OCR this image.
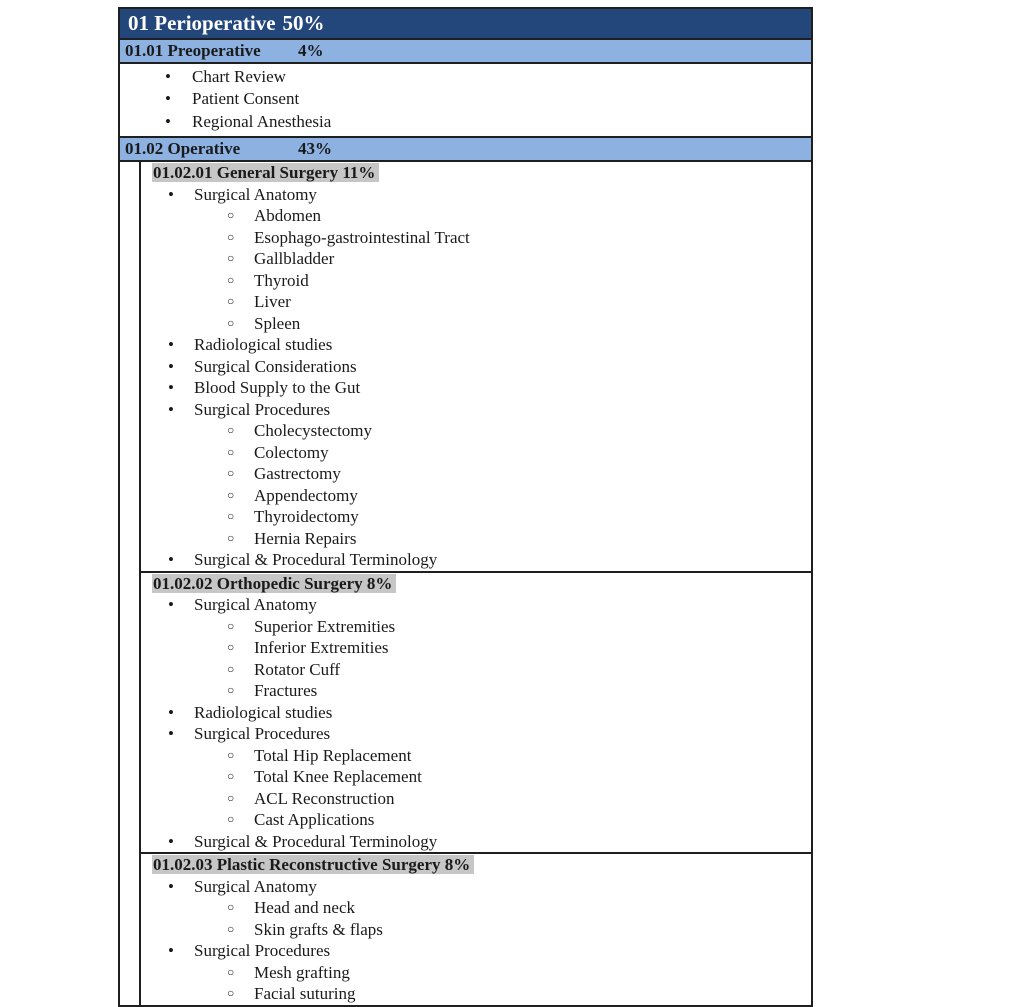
01 Perioperative 50%
01.01 Preoperative	4%
• Chart Review
• Patient Consent
• Regional Anesthesia
01.02 Operative	43%
01.02.01 General Surgery 11%
• Surgical Anatomy
○ Abdomen
○ Esophago-gastrointestinal Tract
○ Gallbladder
○ Thyroid
○ Liver
○ Spleen
• Radiological studies
• Surgical Considerations
• Blood Supply to the Gut
• Surgical Procedures
○ Cholecystectomy
○ Colectomy
○ Gastrectomy
○ Appendectomy
○ Thyroidectomy
○ Hernia Repairs
• Surgical & Procedural Terminology
01.02.02 Orthopedic Surgery 8%
• Surgical Anatomy
○ Superior Extremities
○ Inferior Extremities
○ Rotator Cuff
○ Fractures
• Radiological studies
• Surgical Procedures
○ Total Hip Replacement
○ Total Knee Replacement
○ ACL Reconstruction
○ Cast Applications
• Surgical & Procedural Terminology
01.02.03 Plastic Reconstructive Surgery 8%
• Surgical Anatomy
○ Head and neck
○ Skin grafts & flaps
• Surgical Procedures
○ Mesh grafting
○ Facial suturing
